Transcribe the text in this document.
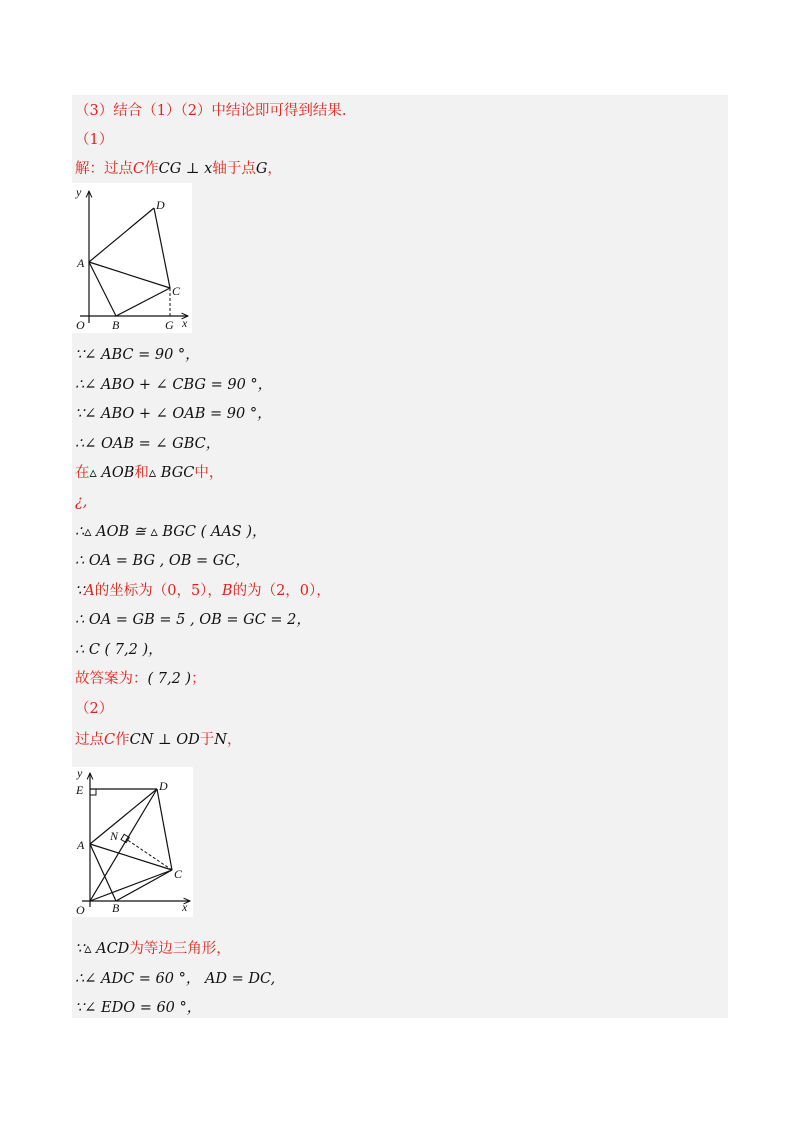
（3）结合（1）（2）中结论即可得到结果.
（1）
解：过点C作CG ⊥ x轴于点G，
y
D
A
C
O B	G x
∵∠ ABC = 90 °，
∴∠ ABO + ∠ CBG = 90 °，
∵∠ ABO + ∠ OAB = 90 °，
∴∠ OAB = ∠ GBC，
在▵ AOB和▵ BGC中，
¿,
∴▵ AOB ≅ ▵ BGC ( AAS )，
∴ OA = BG , OB = GC，
∵A的坐标为（0，5），B的为（2，0），
∴ OA = GB = 5 , OB = GC = 2，
∴ C ( 7,2 )，
故答案为：( 7,2 )；
（2）
过点C作CN ⊥ OD于N，
y
E	D
N
A
C
O B	x
∵▵ ACD为等边三角形，
∴∠ ADC = 60 °， AD = DC,
∵∠ EDO = 60 °，
